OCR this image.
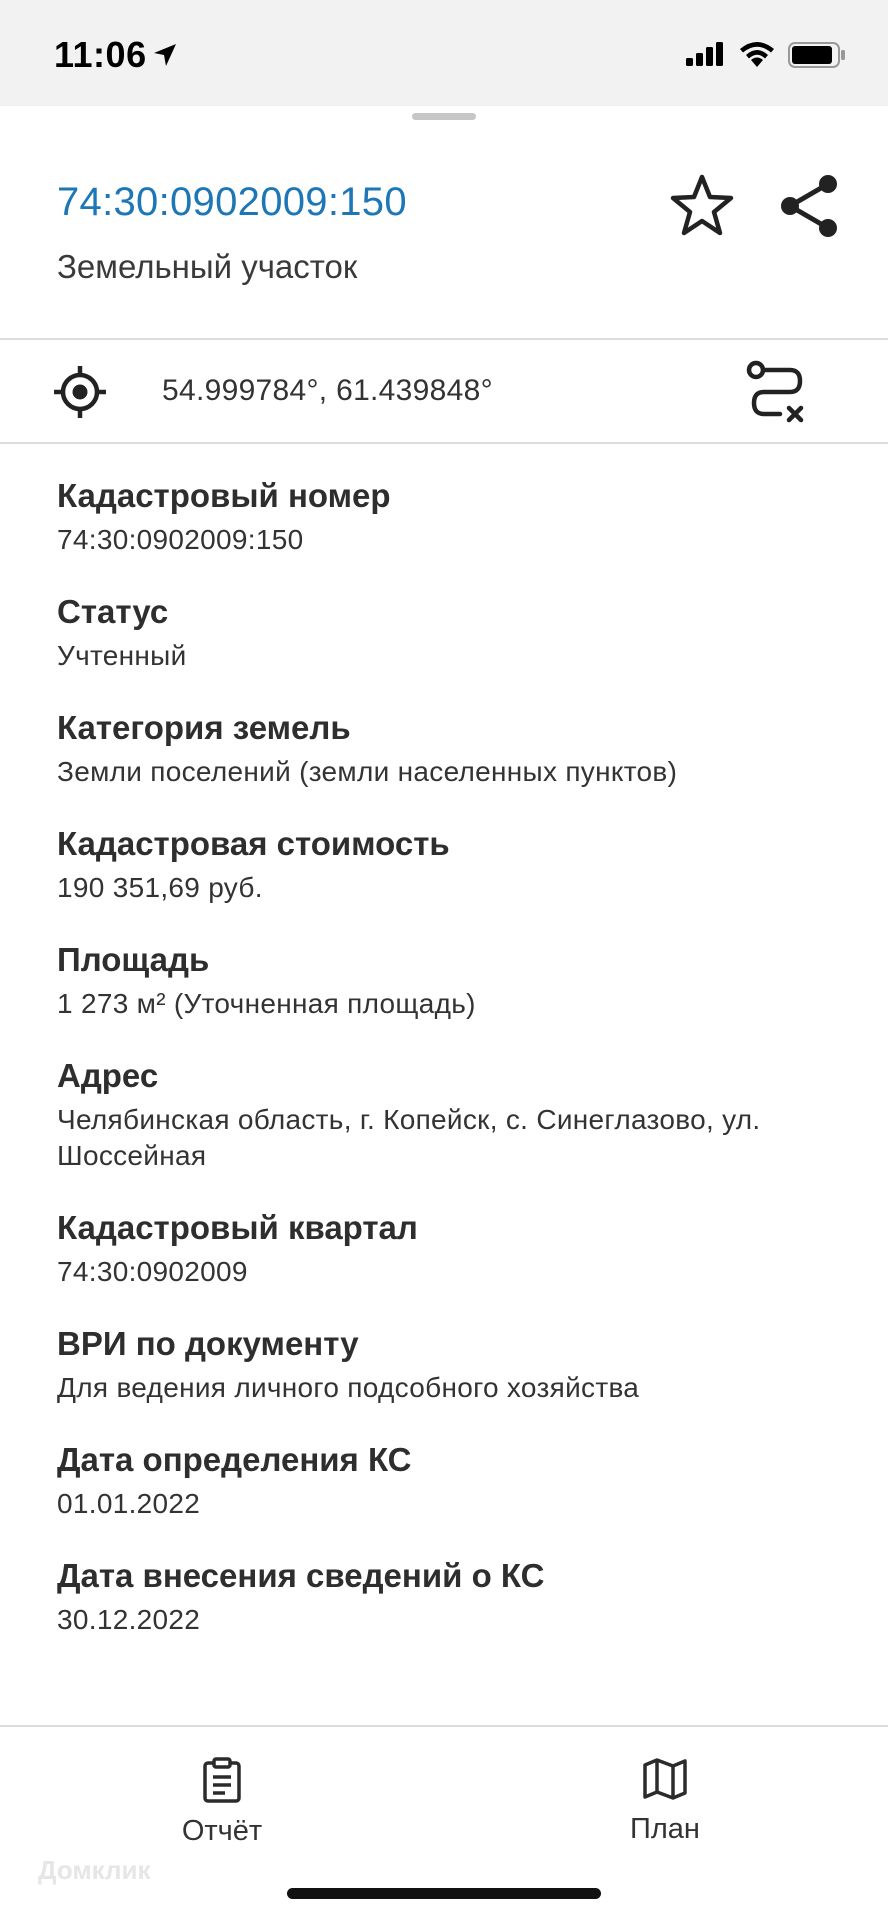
11:06
74:30:0902009:150
Земельный участок
54.999784°, 61.439848°
Кадастровый номер
74:30:0902009:150
Статус
Учтенный
Категория земель
Земли поселений (земли населенных пунктов)
Кадастровая стоимость
190 351,69 руб.
Площадь
1 273 м² (Уточненная площадь)
Адрес
Челябинская область, г. Копейск, с. Синеглазово, ул. Шоссейная
Кадастровый квартал
74:30:0902009
ВРИ по документу
Для ведения личного подсобного хозяйства
Дата определения КС
01.01.2022
Дата внесения сведений о КС
30.12.2022
Отчёт	План
Домклик
